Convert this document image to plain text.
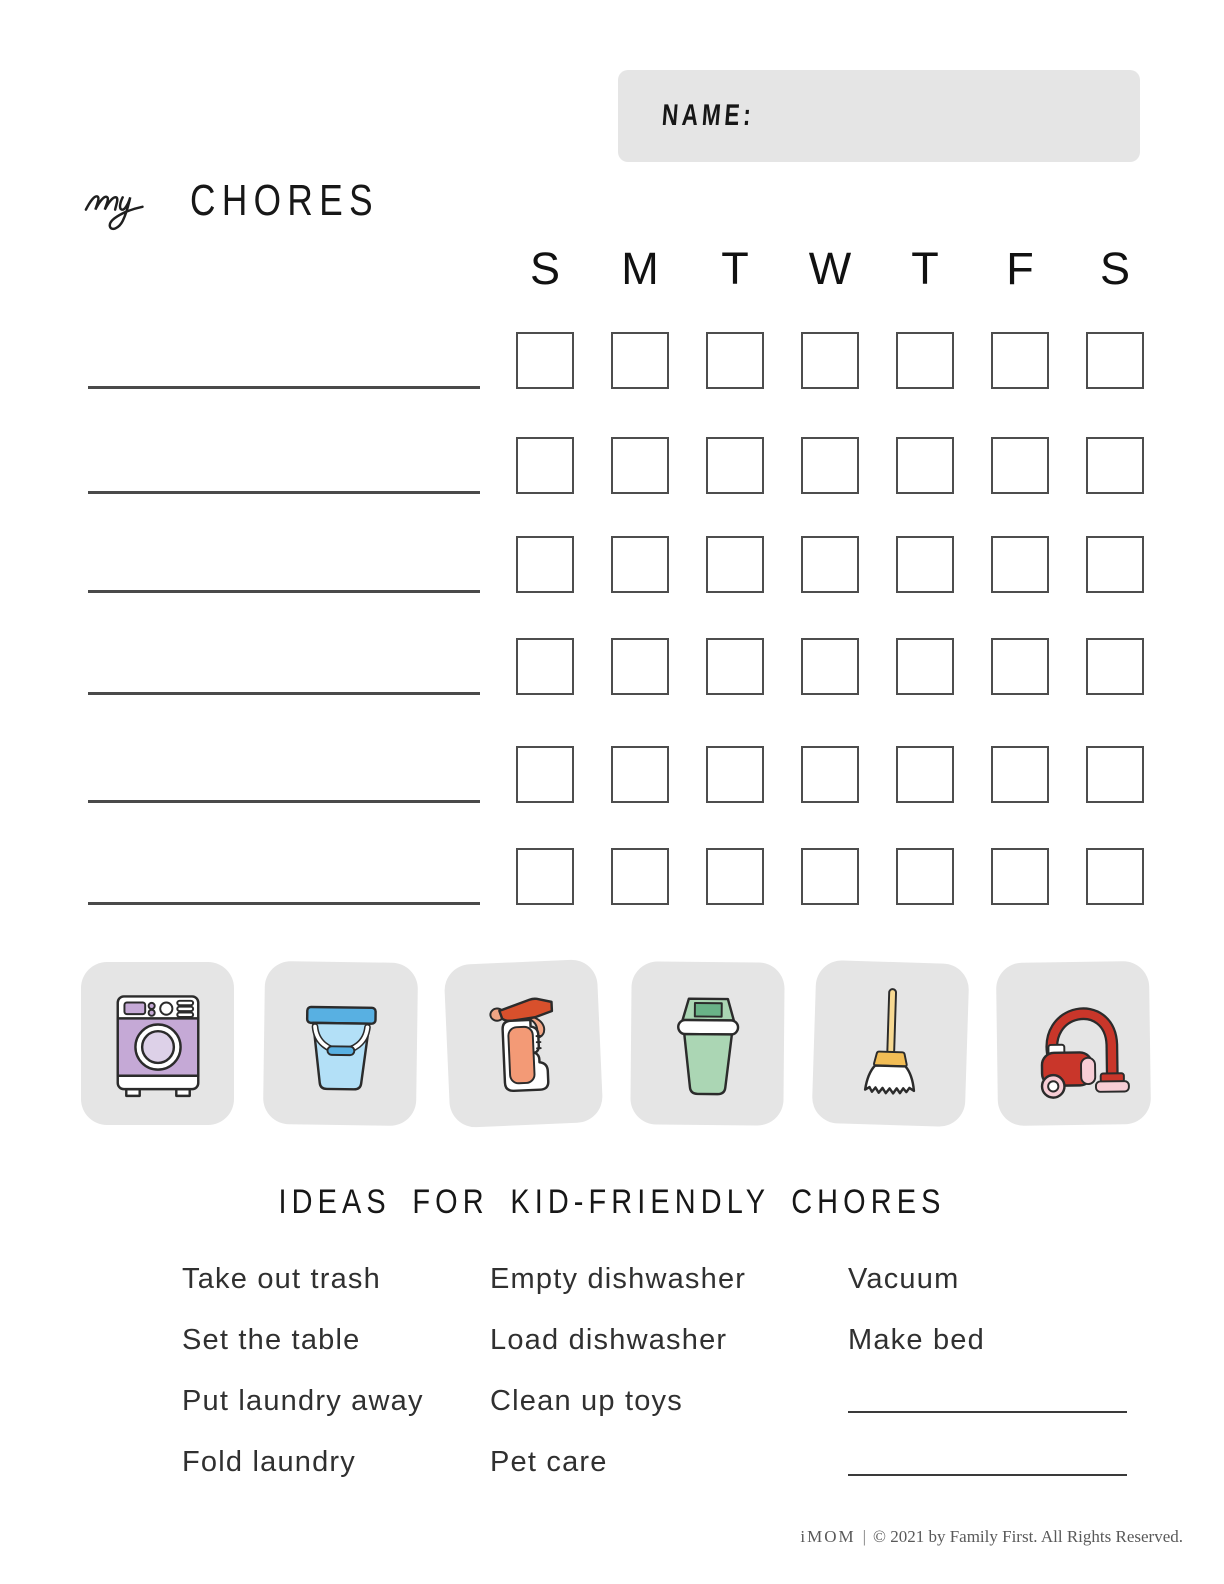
NAME:
CHORES
S M T W T F S
IDEAS FOR KID-FRIENDLY CHORES
Take out trash
Set the table
Put laundry away
Fold laundry
Empty dishwasher
Load dishwasher
Clean up toys
Pet care
Vacuum
Make bed
iMOM | © 2021 by Family First. All Rights Reserved.
